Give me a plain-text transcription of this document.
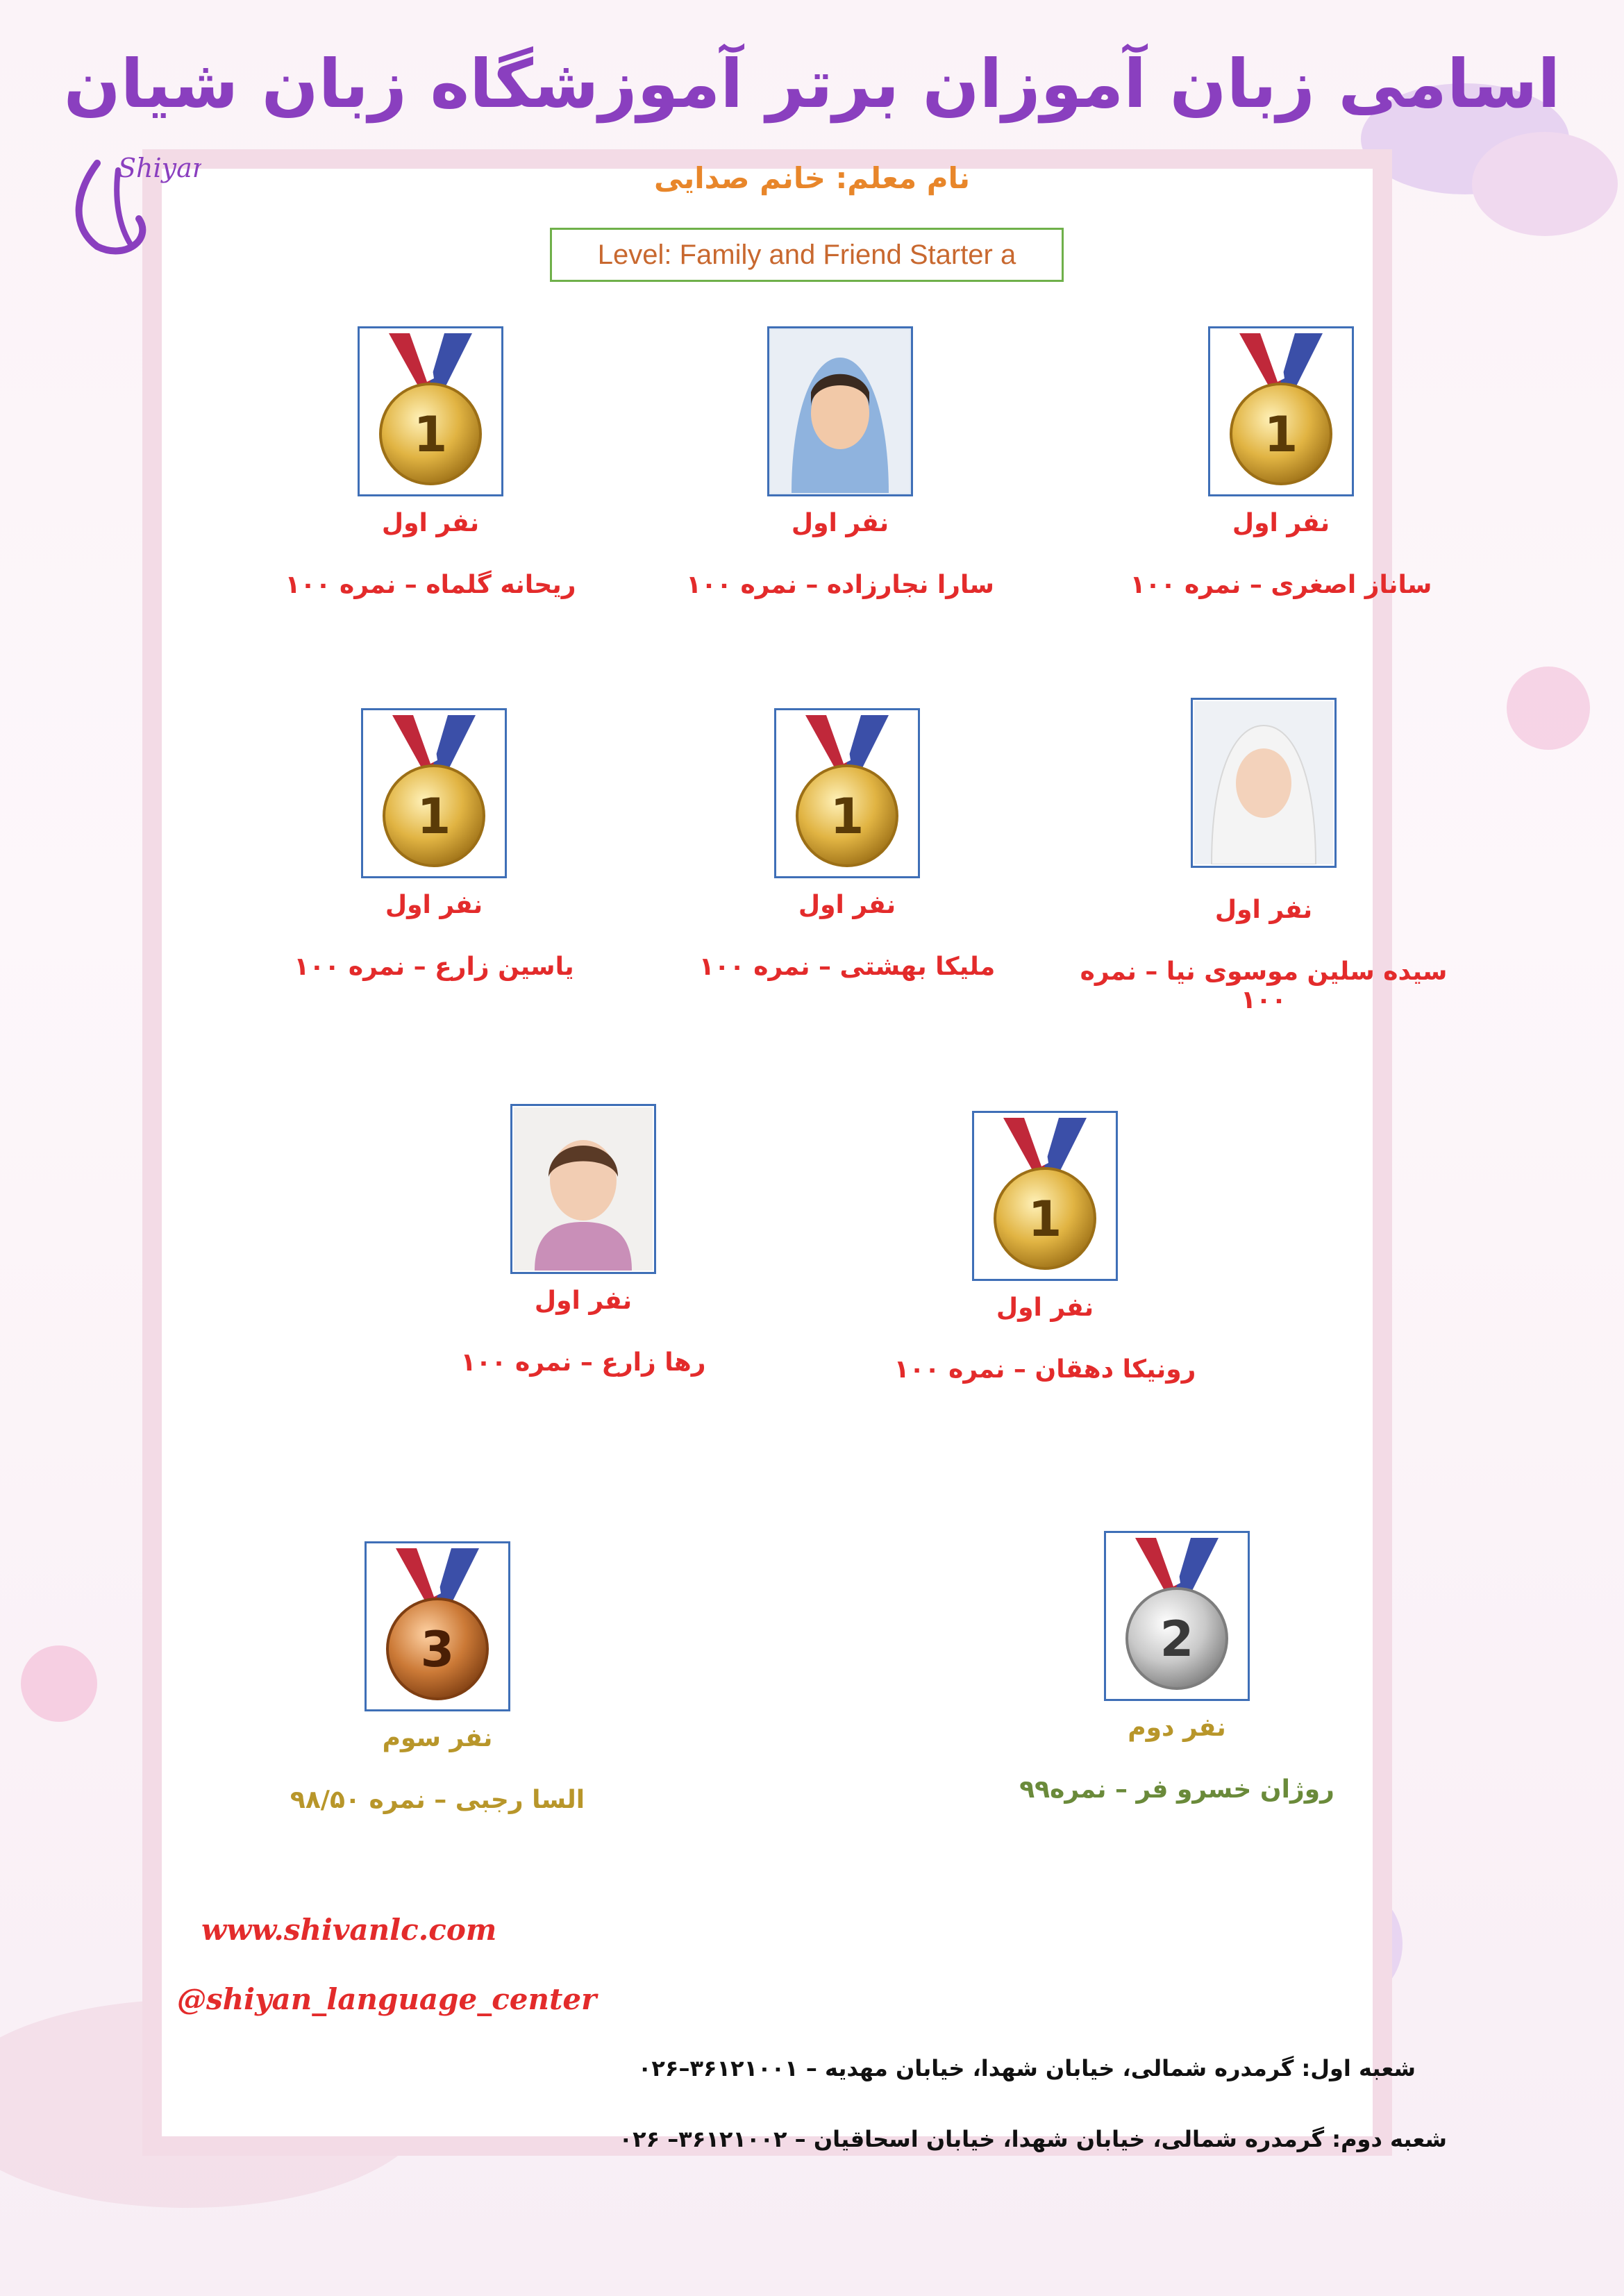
Shiyan
اسامی زبان آموزان برتر آموزشگاه زبان شیان
نام معلم: خانم صدایی
Level: Family and Friend Starter a
1
نفر اول
ریحانه گلماه – نمره ۱۰۰
نفر اول
سارا نجارزاده – نمره ۱۰۰
1
نفر اول
ساناز اصغری – نمره ۱۰۰
1
نفر اول
یاسین زارع – نمره ۱۰۰
1
نفر اول
ملیکا بهشتی – نمره ۱۰۰
نفر اول
سیده سلین موسوی نیا – نمره ۱۰۰
نفر اول
رها زارع – نمره ۱۰۰
1
نفر اول
رونیکا دهقان – نمره ۱۰۰
3
نفر سوم
السا رجبی – نمره ۹۸/۵۰
2
نفر دوم
روژان خسرو فر – نمره۹۹
www.shivanlc.com
@shiyan_language_center
شعبه اول: گرمدره شمالی، خیابان شهدا، خیابان مهدیه – ۳۶۱۲۱۰۰۱–۰۲۶
شعبه دوم: گرمدره شمالی، خیابان شهدا، خیابان اسحاقیان – ۳۶۱۲۱۰۰۲– ۰۲۶
